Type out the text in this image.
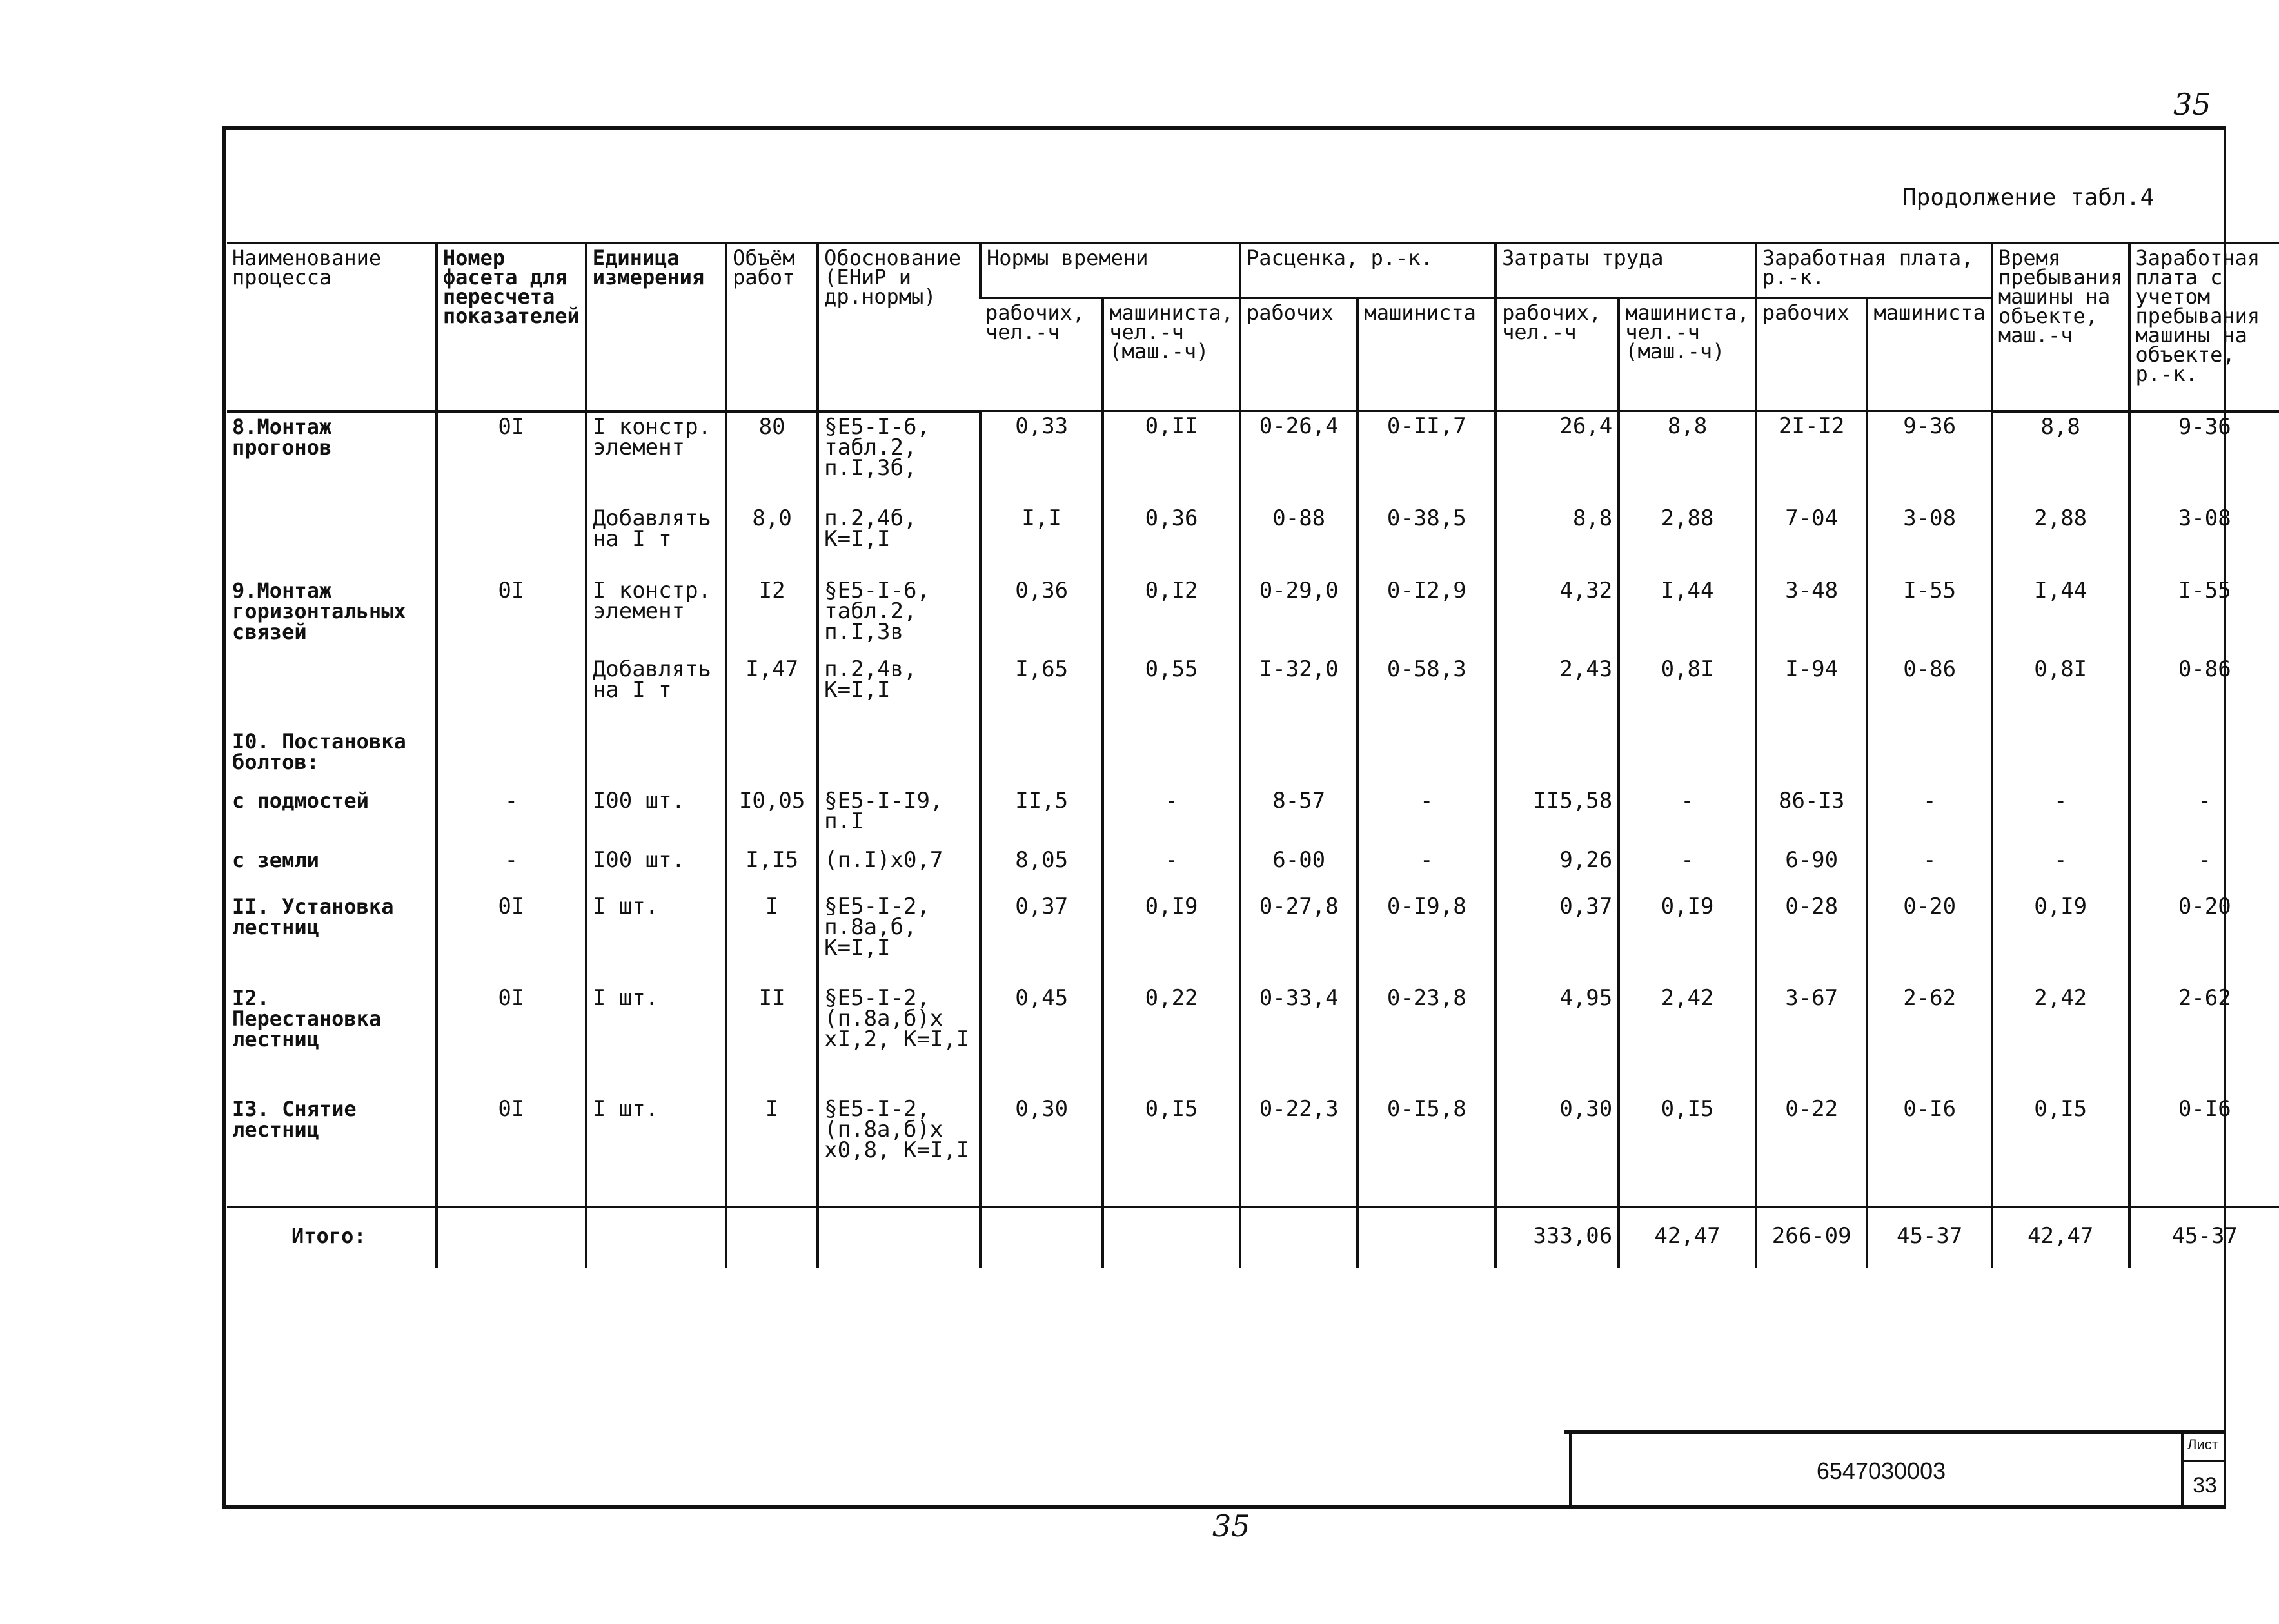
35
Продолжение табл.4
Наименование процесса	Номер фасета для пересчета показателей	Единица измерения	Объём работ	Обоснование (ЕНиР и др.нормы)	Нормы времени		Расценка, р.-к.		Затраты труда		Заработная плата, р.-к.		Время пребывания машины на объекте, маш.-ч	Заработная плата с учетом пребывания машины на объекте, р.-к.
					рабочих, чел.-ч	машиниста, чел.-ч (маш.-ч)	рабочих	машиниста	рабочих, чел.-ч	машиниста, чел.-ч (маш.-ч)	рабочих	машиниста		
8.Монтаж прогонов	0I	I констр. элемент	80	§Е5-I-6, табл.2, п.I,3б,	0,33	0,II	0-26,4	0-II,7	26,4	8,8	2I-I2	9-36	8,8	9-36
		Добавлять на I т	8,0	п.2,4б, К=I,I	I,I	0,36	0-88	0-38,5	8,8	2,88	7-04	3-08	2,88	3-08
9.Монтаж горизонтальных связей	0I	I констр. элемент	I2	§Е5-I-6, табл.2, п.I,3в	0,36	0,I2	0-29,0	0-I2,9	4,32	I,44	3-48	I-55	I,44	I-55
		Добавлять на I т	I,47	п.2,4в, К=I,I	I,65	0,55	I-32,0	0-58,3	2,43	0,8I	I-94	0-86	0,8I	0-86
I0. Постановка болтов:														
с подмостей	-	I00 шт.	I0,05	§Е5-I-I9, п.I	II,5	-	8-57	-	II5,58	-	86-I3	-	-	-
с земли	-	I00 шт.	I,I5	(п.I)х0,7	8,05	-	6-00	-	9,26	-	6-90	-	-	-
II. Установка лестниц	0I	I шт.	I	§Е5-I-2, п.8а,б, К=I,I	0,37	0,I9	0-27,8	0-I9,8	0,37	0,I9	0-28	0-20	0,I9	0-20
I2. Перестановка лестниц	0I	I шт.	II	§Е5-I-2, (п.8а,б)х хI,2, К=I,I	0,45	0,22	0-33,4	0-23,8	4,95	2,42	3-67	2-62	2,42	2-62
I3. Снятие лестниц	0I	I шт.	I	§Е5-I-2, (п.8а,б)х х0,8, К=I,I	0,30	0,I5	0-22,3	0-I5,8	0,30	0,I5	0-22	0-I6	0,I5	0-I6
Итого:									333,06	42,47	266-09	45-37	42,47	45-37
6547030003
Лист
33
35
